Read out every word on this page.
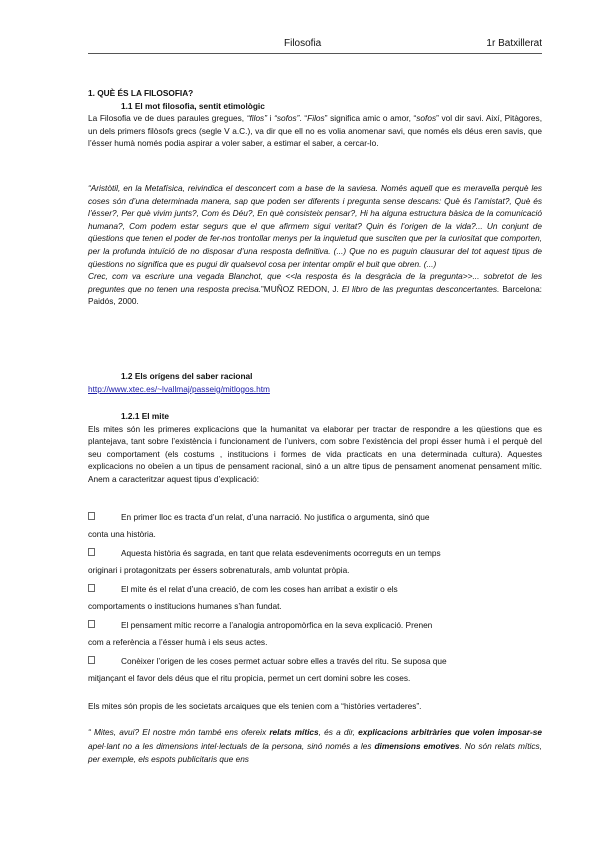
Filosofia	1r Batxillerat
1. QUÈ ÉS LA FILOSOFIA?
1.1 El mot filosofia, sentit etimològic
La Filosofia ve de dues paraules gregues, “filos” i “sofos”. “Filos” significa amic o amor, “sofos” vol dir savi. Així, Pitàgores, un dels primers filòsofs grecs (segle V a.C.), va dir que ell no es volia anomenar savi, que només els déus eren savis, que l’ésser humà només podia aspirar a voler saber, a estimar el saber, a cercar-lo.
“Aristòtil, en la Metafísica, reivindica el desconcert com a base de la saviesa. Només aquell que es meravella perquè les coses són d’una determinada manera, sap que poden ser diferents i pregunta sense descans: Què és l’amistat?, Què és l’ésser?, Per què vivim junts?, Com és Déu?, En què consisteix pensar?, Hi ha alguna estructura bàsica de la comunicació humana?, Com podem estar segurs que el que afirmem sigui veritat? Quin és l’origen de la vida?... Un conjunt de qüestions que tenen el poder de fer-nos trontollar menys per la inquietud que susciten que per la curiositat que comporten, per la profunda intuïció de no disposar d’una resposta definitiva. (...) Que no es puguin clausurar del tot aquest tipus de qüestions no significa que es pugui dir qualsevol cosa per intentar omplir el buit que obren. (...)
Crec, com va escriure una vegada Blanchot, que <<la resposta és la desgràcia de la pregunta>>... sobretot de les preguntes que no tenen una resposta precisa.”MUÑOZ REDON, J. El libro de las preguntas desconcertantes. Barcelona: Paidós, 2000.
1.2 Els orígens del saber racional
http://www.xtec.es/~lvallmaj/passeig/mitlogos.htm
1.2.1 El mite
Els mites són les primeres explicacions que la humanitat va elaborar per tractar de respondre a les qüestions que es plantejava, tant sobre l’existència i funcionament de l’univers, com sobre l’existència del propi ésser humà i el perquè del seu comportament (els costums , institucions i formes de vida practicats en una determinada cultura). Aquestes explicacions no obeïen a un tipus de pensament racional, sinó a un altre tipus de pensament anomenat pensament mític. Anem a caracteritzar aquest tipus d’explicació:
En primer lloc es tracta d’un relat, d’una narració. No justifica o argumenta, sinó que
conta una història.
Aquesta història és sagrada, en tant que relata esdeveniments ocorreguts en un temps
originari i protagonitzats per éssers sobrenaturals, amb voluntat pròpia.
El mite és el relat d’una creació, de com les coses han arribat a existir o els
comportaments o institucions humanes s’han fundat.
El pensament mític recorre a l’analogia antropomòrfica en la seva explicació. Prenen
com a referència a l’ésser humà i els seus actes.
Conèixer l’origen de les coses permet actuar sobre elles a través del ritu. Se suposa que
mitjançant el favor dels déus que el ritu propicia, permet un cert domini sobre les coses.
Els mites són propis de les societats arcaiques que els tenien com a “històries vertaderes”.
“ Mites, avui? El nostre món també ens ofereix relats mítics, és a dir, explicacions arbitràries que volen imposar-se apel·lant no a les dimensions intel·lectuals de la persona, sinó només a les dimensions emotives. No són relats mítics, per exemple, els espots publicitaris que ens
